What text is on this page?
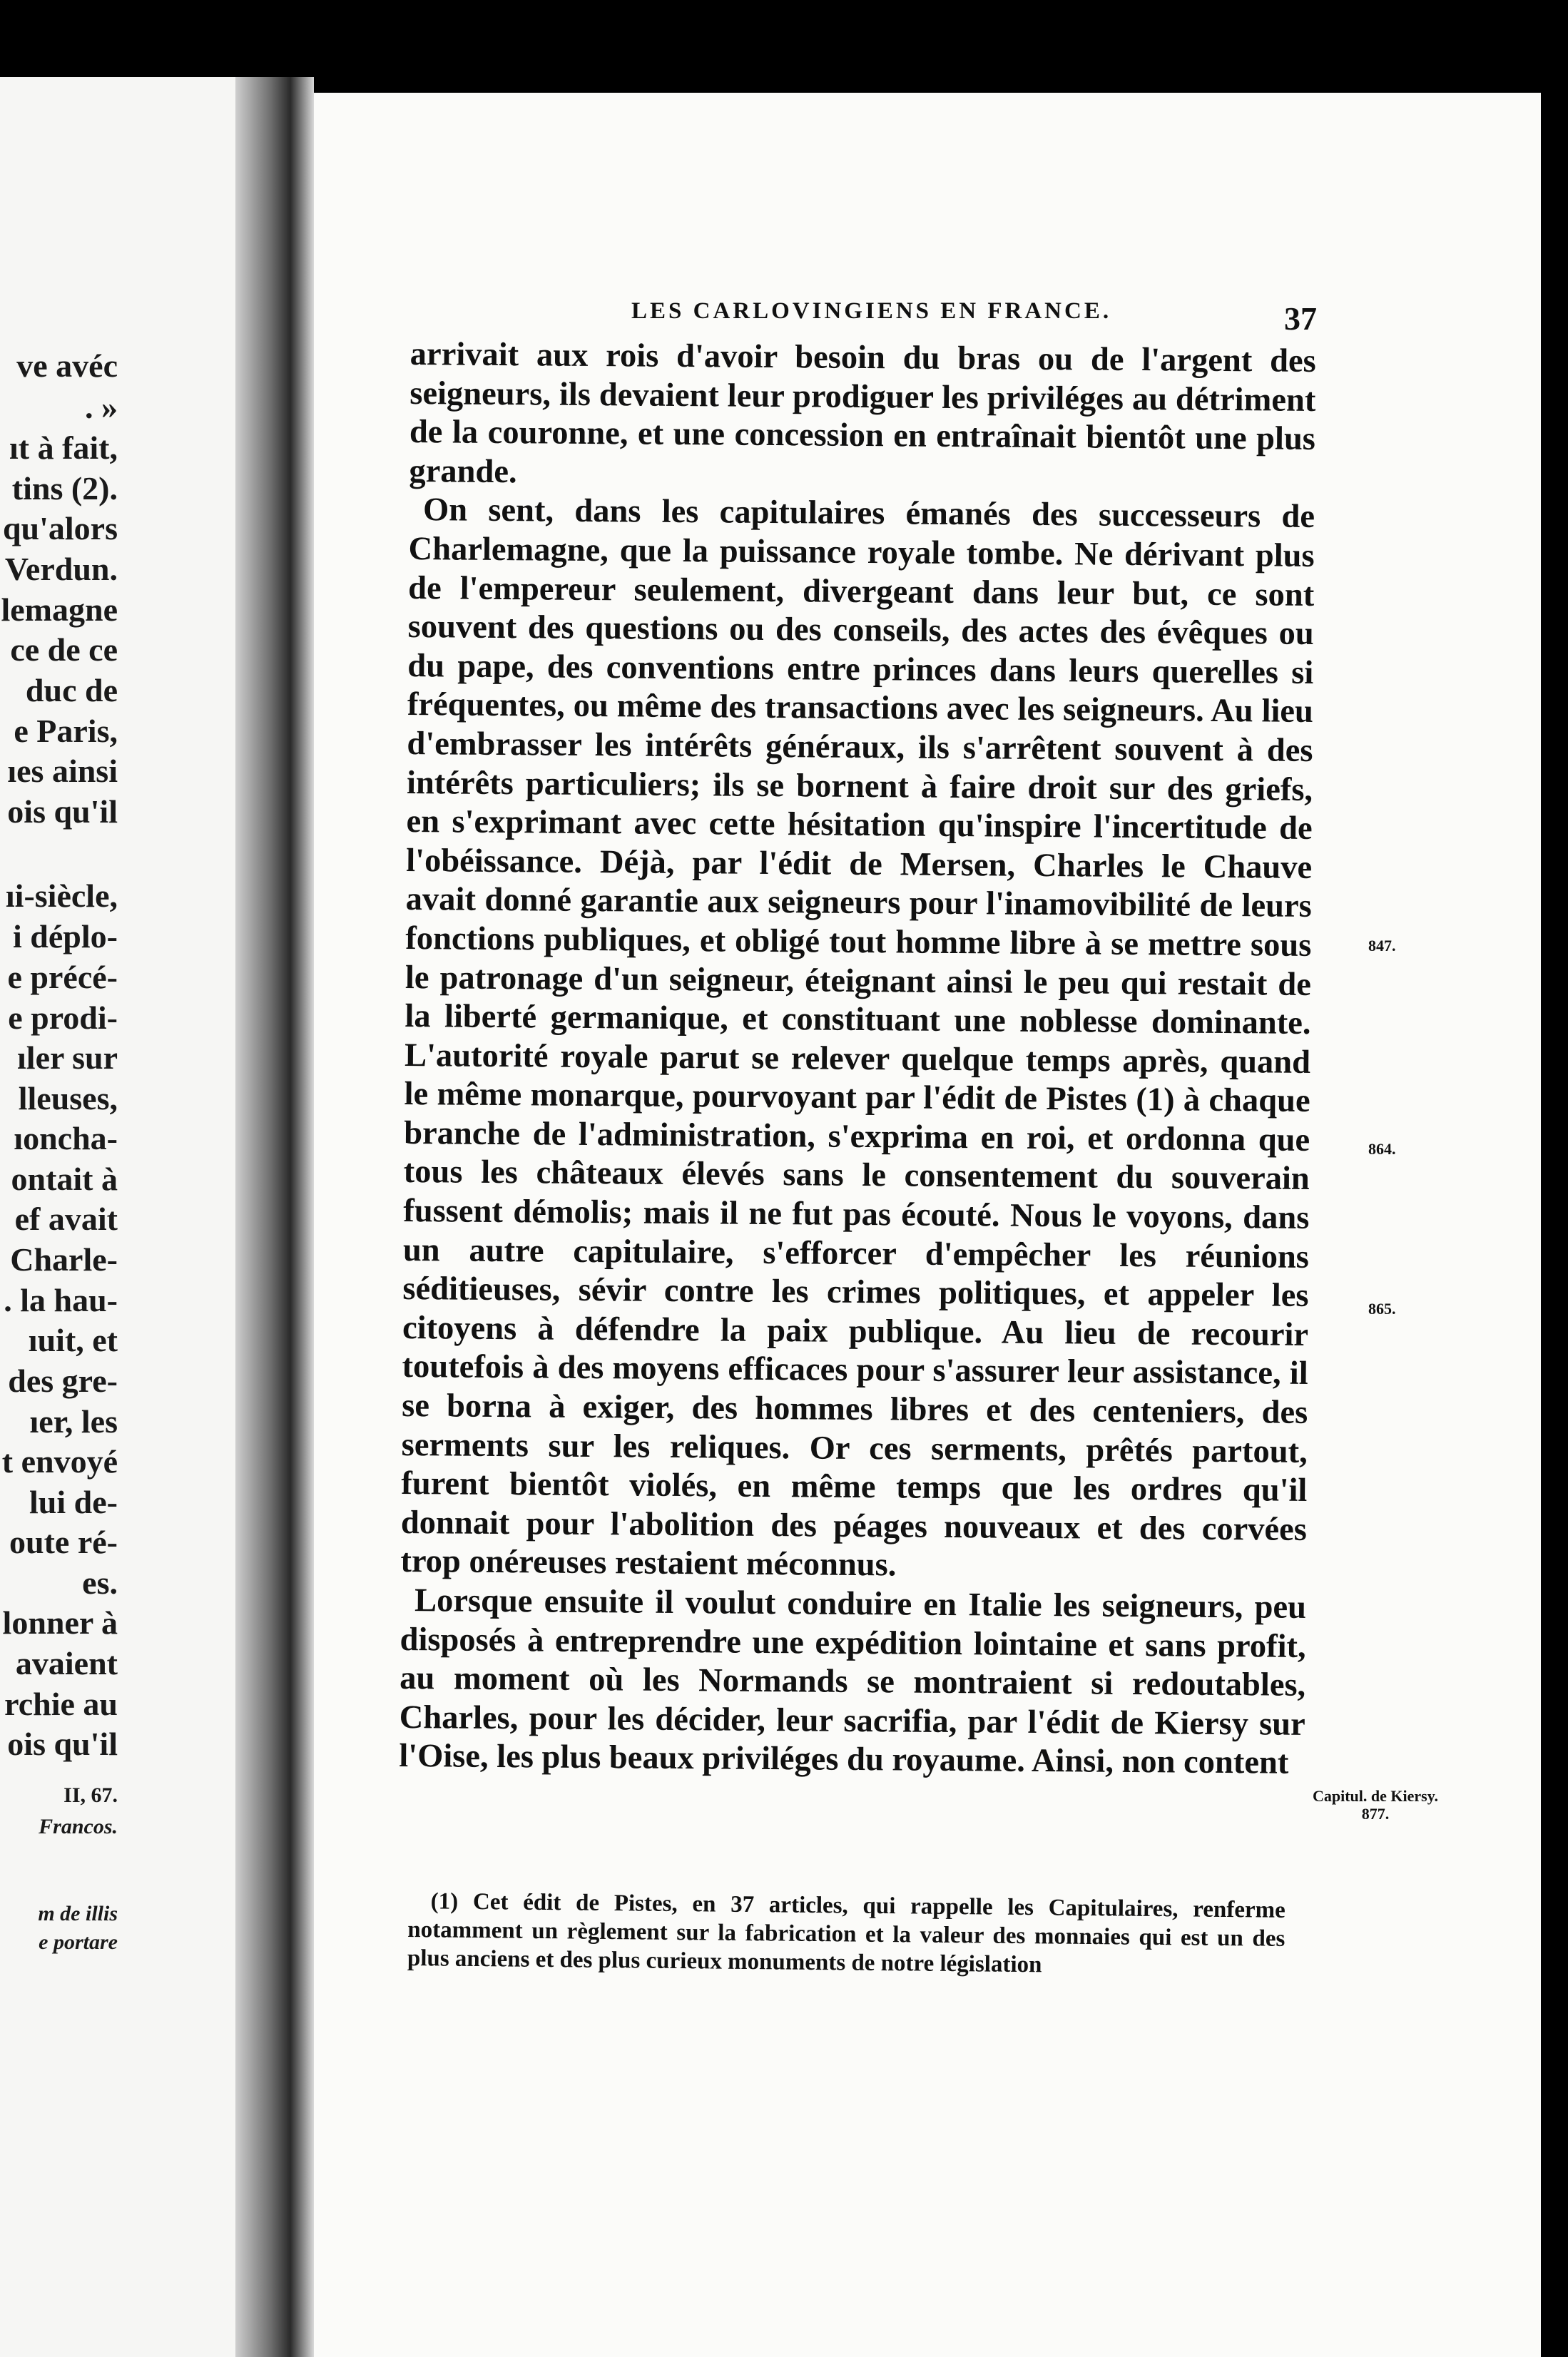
ve avéc
. »
ıt à fait,
tins (2).
qu'alors
Verdun.
lemagne
ce de ce
duc de
e Paris,
ıes ainsi
ois qu'il
ıi-siècle,
i déplo-
e précé-
e prodi-
ıler sur
lleuses,
ıoncha-
ontait à
ef avait
Charle-
. la hau-
ıuit, et
des gre-
ıer, les
t envoyé
lui de-
oute ré-
es.
lonner à
avaient
rchie au
ois qu'il
II, 67.
Francos.
m de illis
e portare
LES CARLOVINGIENS EN FRANCE.	37

arrivait aux rois d'avoir besoin du bras ou de l'argent des seigneurs, ils devaient leur prodiguer les priviléges au détriment de la couronne, et une concession en entraînait bientôt une plus grande.

On sent, dans les capitulaires émanés des successeurs de Charlemagne, que la puissance royale tombe. Ne dérivant plus de l'empereur seulement, divergeant dans leur but, ce sont souvent des questions ou des conseils, des actes des évêques ou du pape, des conventions entre princes dans leurs querelles si fréquentes, ou même des transactions avec les seigneurs. Au lieu d'embrasser les intérêts généraux, ils s'arrêtent souvent à des intérêts particuliers; ils se bornent à faire droit sur des griefs, en s'exprimant avec cette hésitation qu'inspire l'incertitude de l'obéissance. Déjà, par l'édit de Mersen, Charles le Chauve avait donné garantie aux seigneurs pour l'inamovibilité de leurs fonctions publiques, et obligé tout homme libre à se mettre sous le patronage d'un seigneur, éteignant ainsi le peu qui restait de la liberté germanique, et constituant une noblesse dominante. L'autorité royale parut se relever quelque temps après, quand le même monarque, pourvoyant par l'édit de Pistes (1) à chaque branche de l'administration, s'exprima en roi, et ordonna que tous les châteaux élevés sans le consentement du souverain fussent démolis; mais il ne fut pas écouté. Nous le voyons, dans un autre capitulaire, s'efforcer d'empêcher les réunions séditieuses, sévir contre les crimes politiques, et appeler les citoyens à défendre la paix publique. Au lieu de recourir toutefois à des moyens efficaces pour s'assurer leur assistance, il se borna à exiger, des hommes libres et des centeniers, des serments sur les reliques. Or ces serments, prêtés partout, furent bientôt violés, en même temps que les ordres qu'il donnait pour l'abolition des péages nouveaux et des corvées trop onéreuses restaient méconnus.

Lorsque ensuite il voulut conduire en Italie les seigneurs, peu disposés à entreprendre une expédition lointaine et sans profit, au moment où les Normands se montraient si redoutables, Charles, pour les décider, leur sacrifia, par l'édit de Kiersy sur l'Oise, les plus beaux priviléges du royaume. Ainsi, non content

847.
864.
865.
Capitul. de Kiersy. 877.

(1) Cet édit de Pistes, en 37 articles, qui rappelle les Capitulaires, renferme notamment un règlement sur la fabrication et la valeur des monnaies qui est un des plus anciens et des plus curieux monuments de notre législation
